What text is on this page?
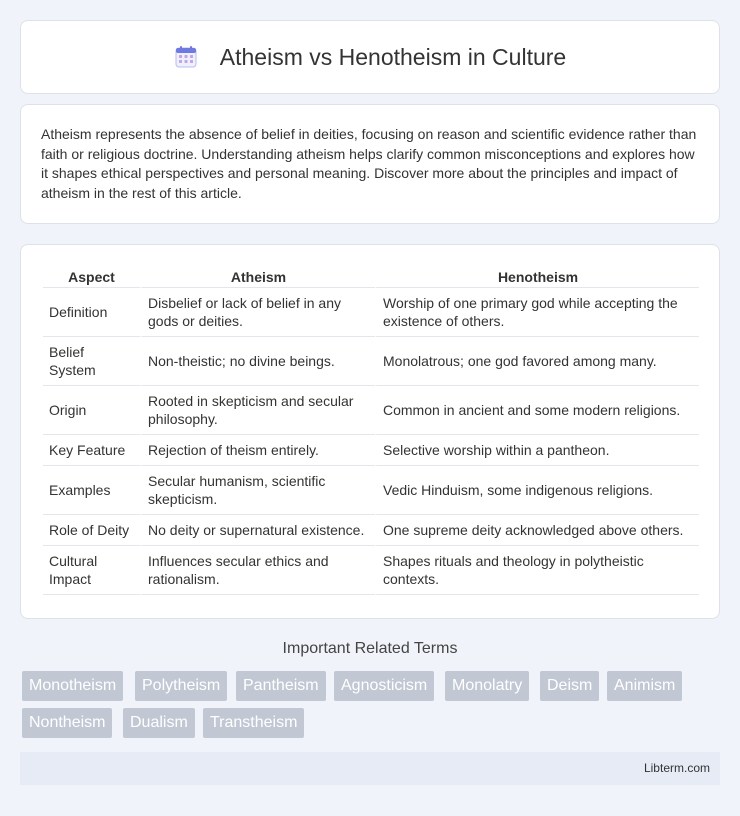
Atheism vs Henotheism in Culture

Atheism represents the absence of belief in deities, focusing on reason and scientific evidence rather than faith or religious doctrine. Understanding atheism helps clarify common misconceptions and explores how it shapes ethical perspectives and personal meaning. Discover more about the principles and impact of atheism in the rest of this article.

Aspect	Atheism	Henotheism
Definition	Disbelief or lack of belief in any gods or deities.	Worship of one primary god while accepting the existence of others.
Belief System	Non-theistic; no divine beings.	Monolatrous; one god favored among many.
Origin	Rooted in skepticism and secular philosophy.	Common in ancient and some modern religions.
Key Feature	Rejection of theism entirely.	Selective worship within a pantheon.
Examples	Secular humanism, scientific skepticism.	Vedic Hinduism, some indigenous religions.
Role of Deity	No deity or supernatural existence.	One supreme deity acknowledged above others.
Cultural Impact	Influences secular ethics and rationalism.	Shapes rituals and theology in polytheistic contexts.
Important Related Terms
Monotheism	Polytheism	Pantheism	Agnosticism	Monolatry	Deism	Animism
Nontheism	Dualism	Transtheism
Libterm.com
